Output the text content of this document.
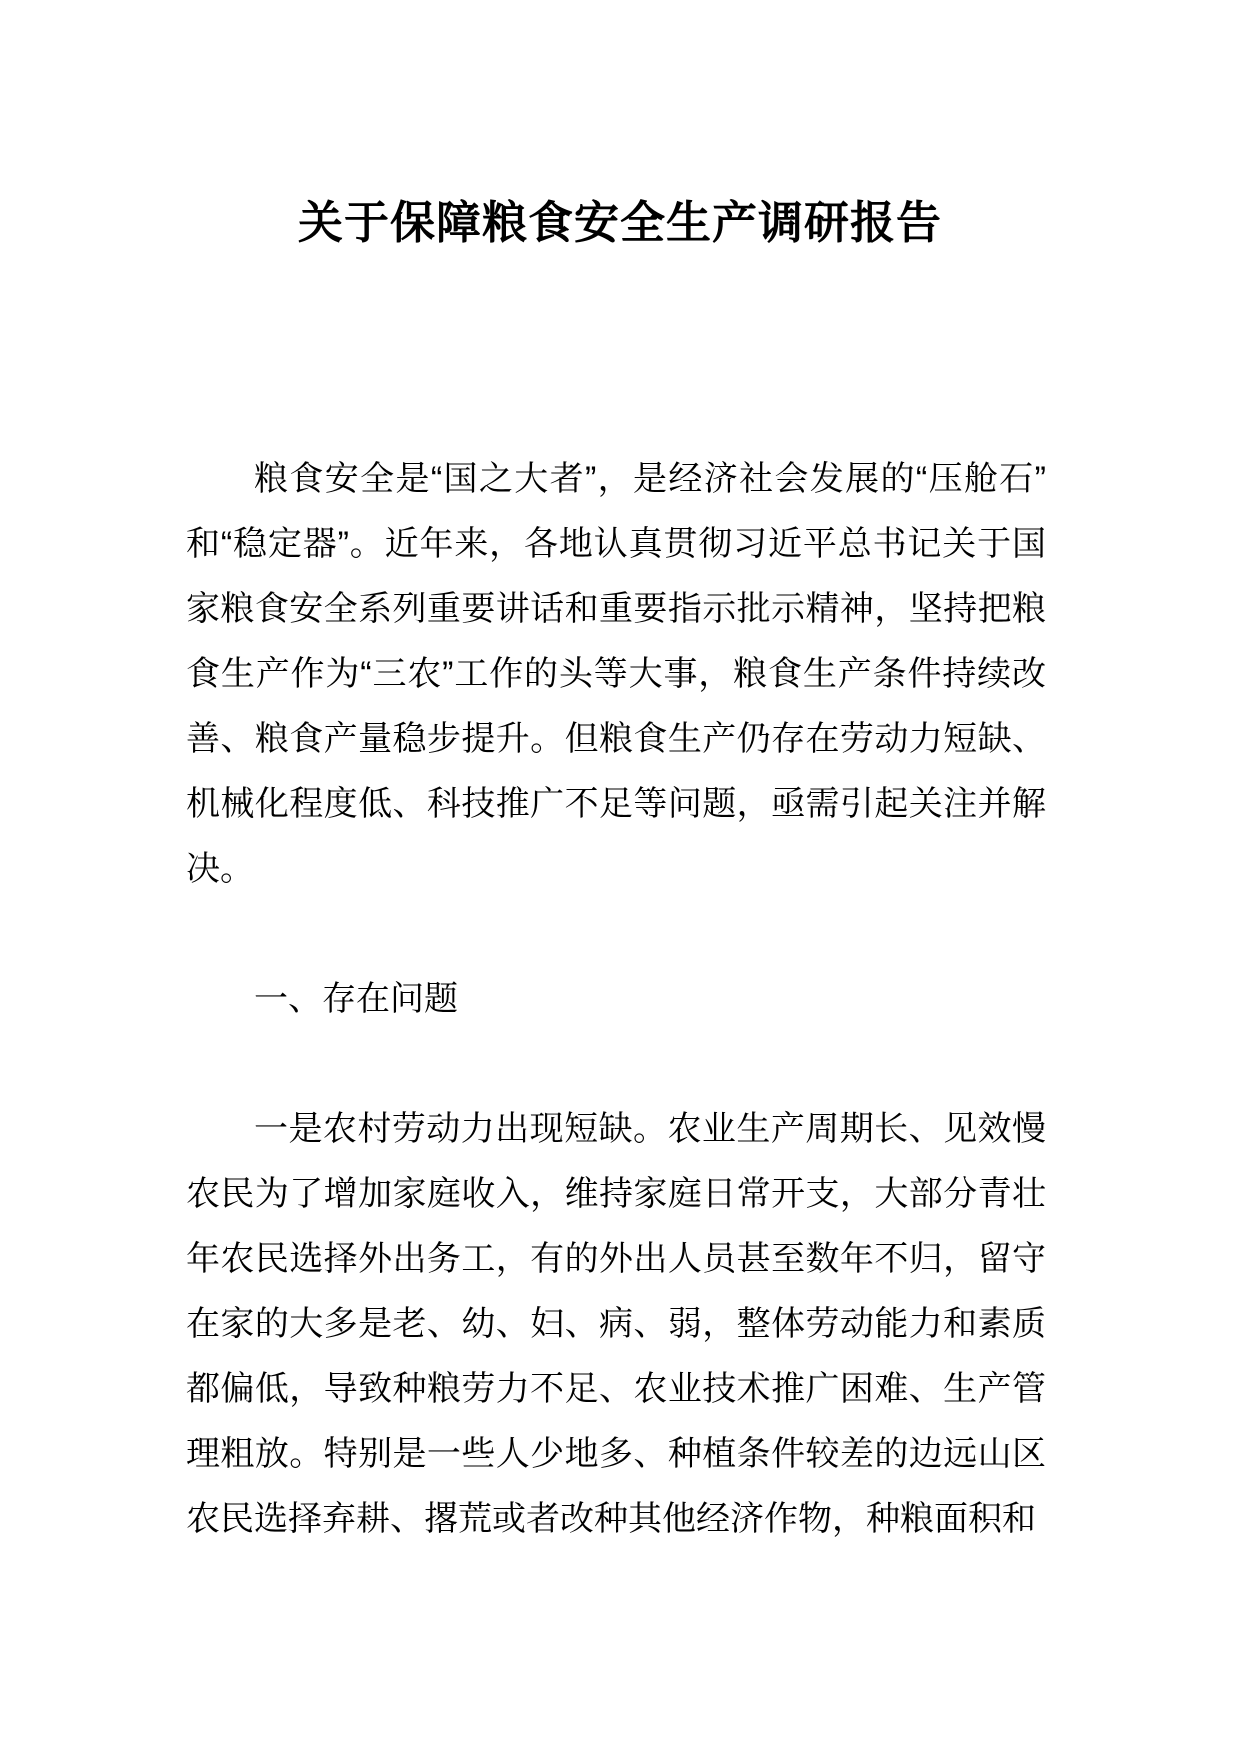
关于保障粮食安全生产调研报告

粮食安全是“国之大者”，是经济社会发展的“压舱石”和“稳定器”。近年来，各地认真贯彻习近平总书记关于国家粮食安全系列重要讲话和重要指示批示精神，坚持把粮食生产作为“三农”工作的头等大事，粮食生产条件持续改善、粮食产量稳步提升。但粮食生产仍存在劳动力短缺、机械化程度低、科技推广不足等问题，亟需引起关注并解决。

一、存在问题

一是农村劳动力出现短缺。农业生产周期长、见效慢农民为了增加家庭收入，维持家庭日常开支，大部分青壮年农民选择外出务工，有的外出人员甚至数年不归，留守在家的大多是老、幼、妇、病、弱，整体劳动能力和素质都偏低，导致种粮劳力不足、农业技术推广困难、生产管理粗放。特别是一些人少地多、种植条件较差的边远山区农民选择弃耕、撂荒或者改种其他经济作物，种粮面积和
